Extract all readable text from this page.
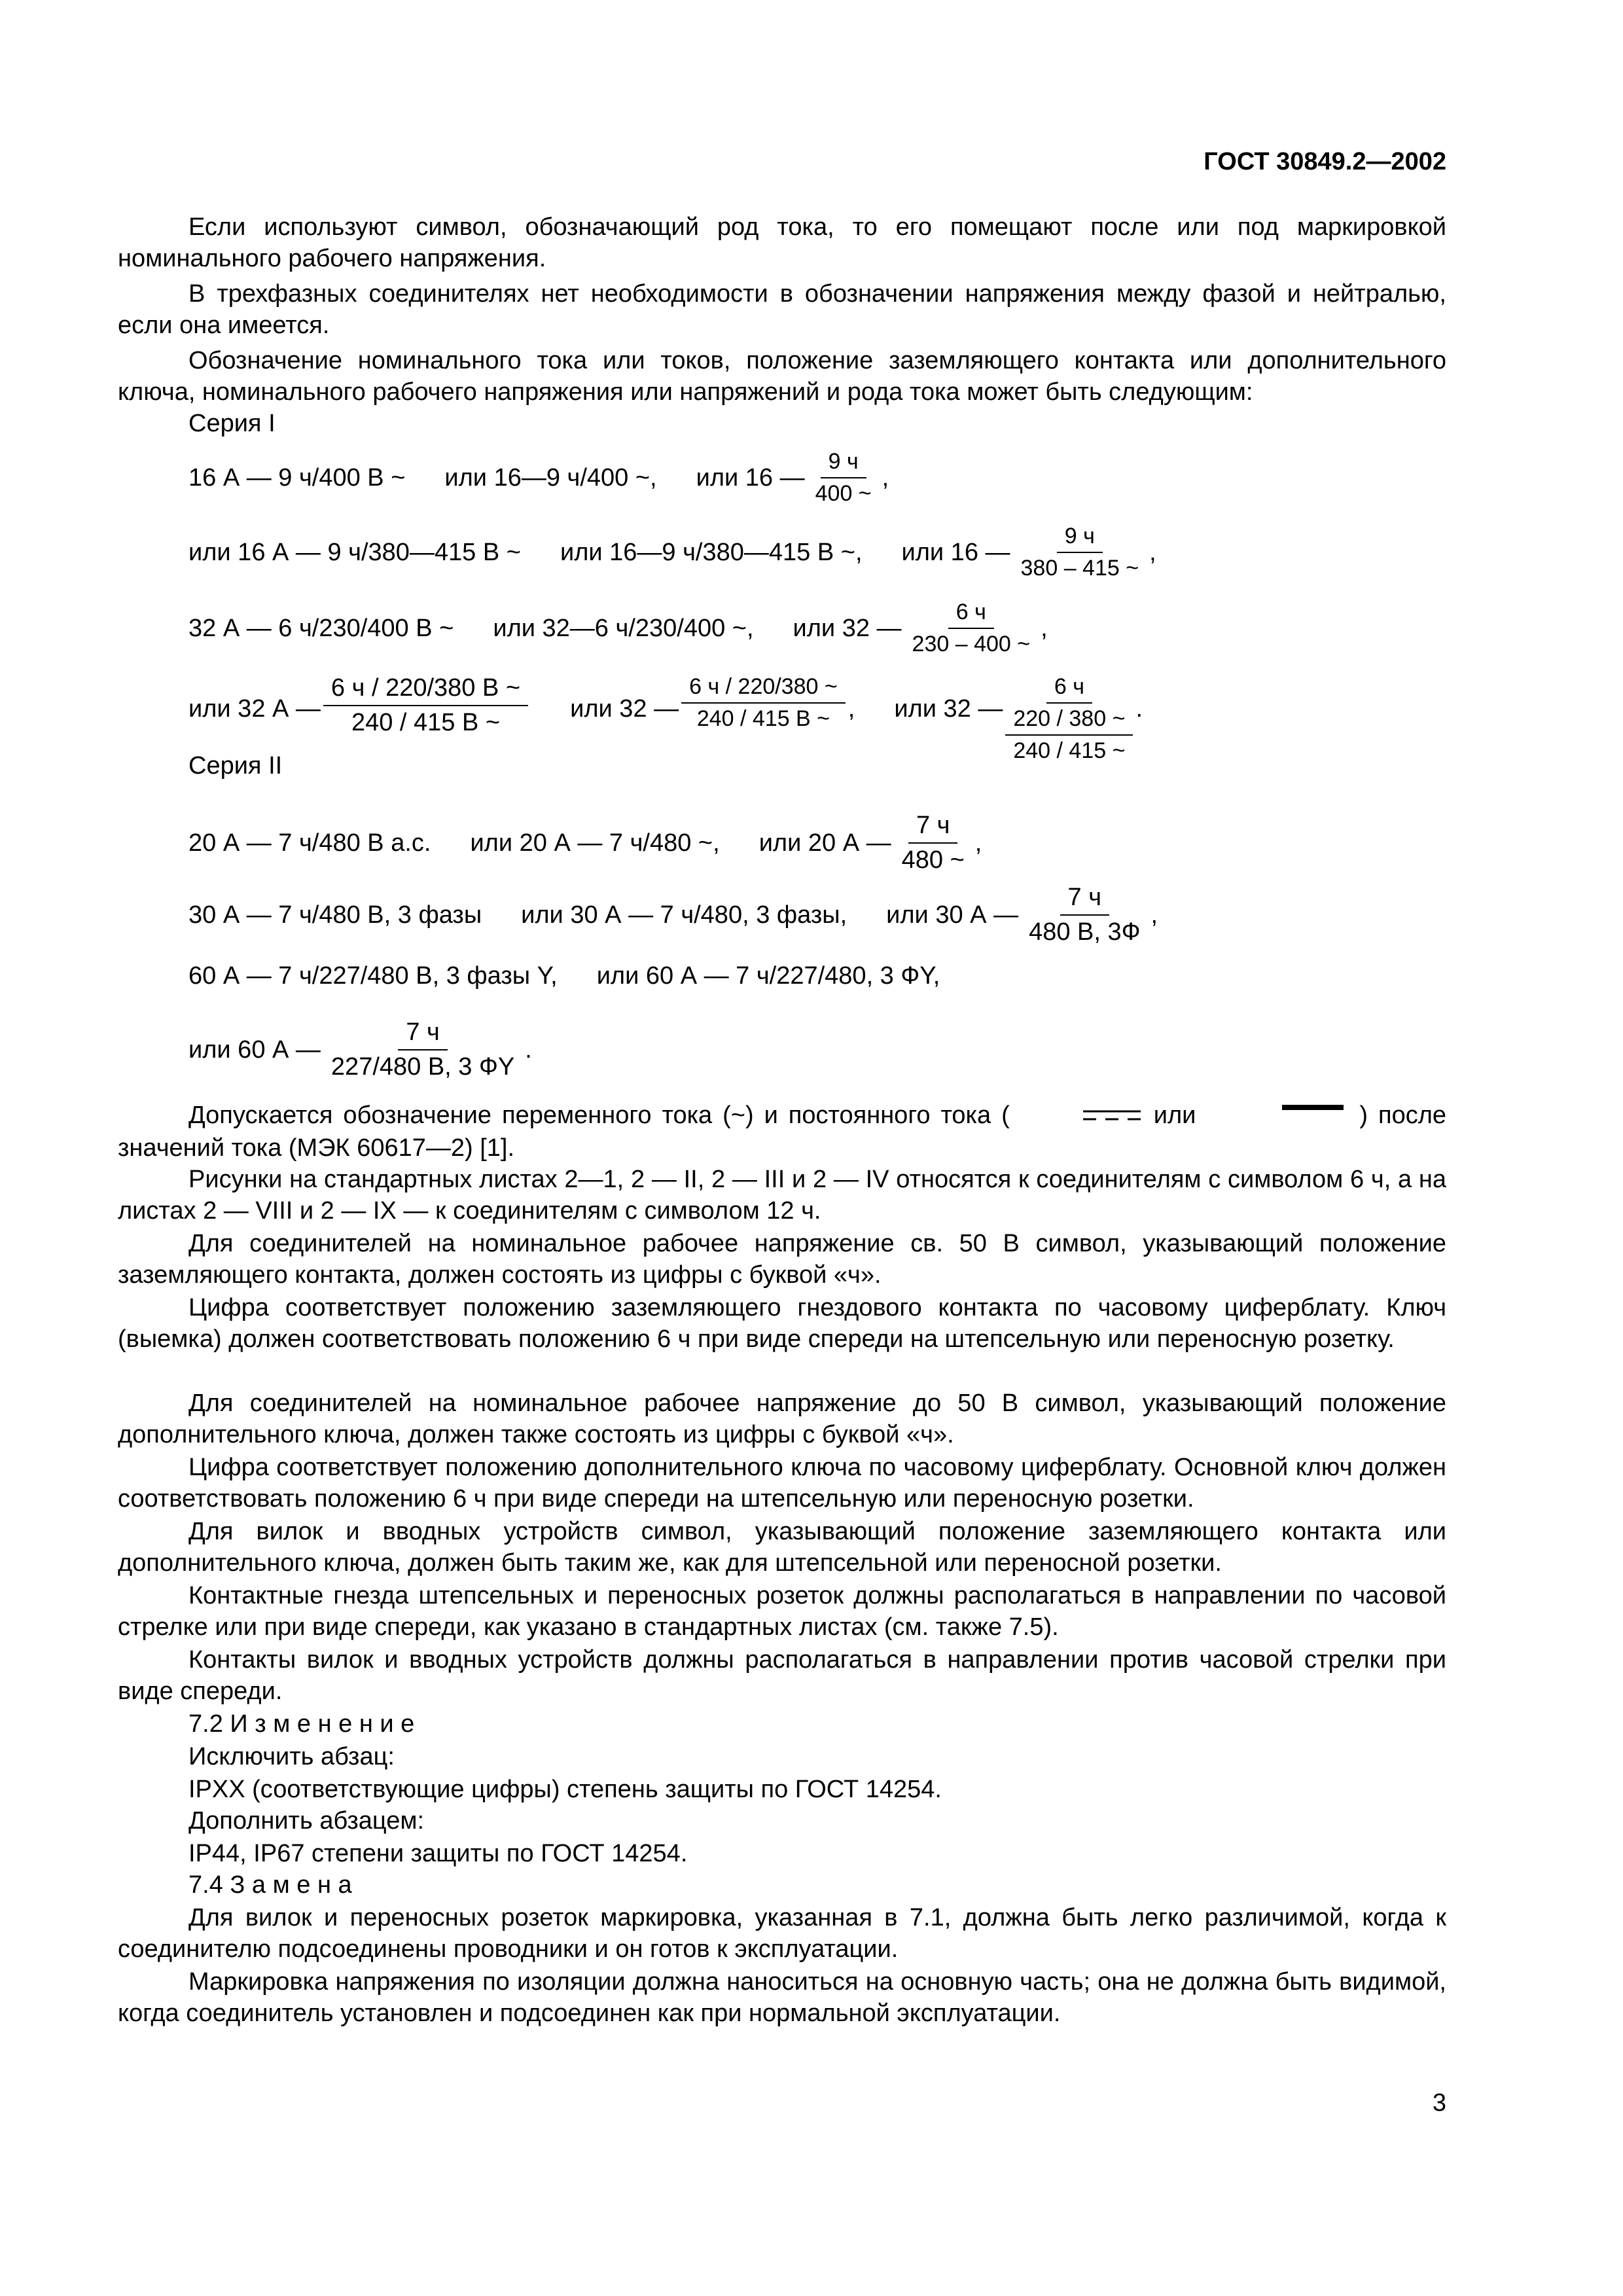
ГОСТ 30849.2—2002
Если используют символ, обозначающий род тока, то его помещают после или под маркировкой номинального рабочего напряжения.
В трехфазных соединителях нет необходимости в обозначении напряжения между фазой и нейтралью, если она имеется.
Обозначение номинального тока или токов, положение заземляющего контакта или дополнительного ключа, номинального рабочего напряжения или напряжений и рода тока может быть следующим:
Серия I
16 А — 9 ч/400 В ~ или 16—9 ч/400 ~, или 16 — $\frac{9 ч}{400 \sim}$ ,
или 16 А — 9 ч/380—415 В ~ или 16—9 ч/380—415 В ~, или 16 — $\frac{9 ч}{380 - 415 \sim}$ ,
32 А — 6 ч/230/400 В ~ или 32—6 ч/230/400 ~, или 32 — $\frac{6 ч}{230 - 400 \sim}$ ,
или 32 А — $\frac{6 ч / 220/380 В \sim}{240 / 415 В \sim}$ или 32 — $\frac{6 ч / 220/380 \sim}{240 / 415 В \sim}$ , или 32 —
6 ч
220 / 380 ~
240 / 415 ~
.
Серия II
20 А — 7 ч/480 В а.с. или 20 А — 7 ч/480 ~, или 20 А — $\frac{7 ч}{480 \sim}$ ,
30 А — 7 ч/480 В, 3 фазы или 30 А — 7 ч/480, 3 фазы, или 30 А — $\frac{7 ч}{480 В, 3Ф}$ ,
60 А — 7 ч/227/480 В, 3 фазы Y, или 60 А — 7 ч/227/480, 3 ФY,
или 60 А — $\frac{7 ч}{227/480 В, 3 ФY}$ .
Допускается обозначение переменного тока (~) и постоянного тока (	или	) после значений тока (МЭК 60617—2) [1].
Рисунки на стандартных листах 2—1, 2 — II, 2 — III и 2 — IV относятся к соединителям с символом 6 ч, а на листах 2 — VIII и 2 — IX — к соединителям с символом 12 ч.
Для соединителей на номинальное рабочее напряжение св. 50 В символ, указывающий положение заземляющего контакта, должен состоять из цифры с буквой «ч».
Цифра соответствует положению заземляющего гнездового контакта по часовому циферблату. Ключ (выемка) должен соответствовать положению 6 ч при виде спереди на штепсельную или переносную розетку.
Для соединителей на номинальное рабочее напряжение до 50 В символ, указывающий положение дополнительного ключа, должен также состоять из цифры с буквой «ч».
Цифра соответствует положению дополнительного ключа по часовому циферблату. Основной ключ должен соответствовать положению 6 ч при виде спереди на штепсельную или переносную розетки.
Для вилок и вводных устройств символ, указывающий положение заземляющего контакта или дополнительного ключа, должен быть таким же, как для штепсельной или переносной розетки.
Контактные гнезда штепсельных и переносных розеток должны располагаться в направлении по часовой стрелке или при виде спереди, как указано в стандартных листах (см. также 7.5).
Контакты вилок и вводных устройств должны располагаться в направлении против часовой стрелки при виде спереди.
7.2 И з м е н е н и е
Исключить абзац:
IPXX (соответствующие цифры) степень защиты по ГОСТ 14254.
Дополнить абзацем:
IP44, IP67 степени защиты по ГОСТ 14254.
7.4 З а м е н а
Для вилок и переносных розеток маркировка, указанная в 7.1, должна быть легко различимой, когда к соединителю подсоединены проводники и он готов к эксплуатации.
Маркировка напряжения по изоляции должна наноситься на основную часть; она не должна быть видимой, когда соединитель установлен и подсоединен как при нормальной эксплуатации.
3
